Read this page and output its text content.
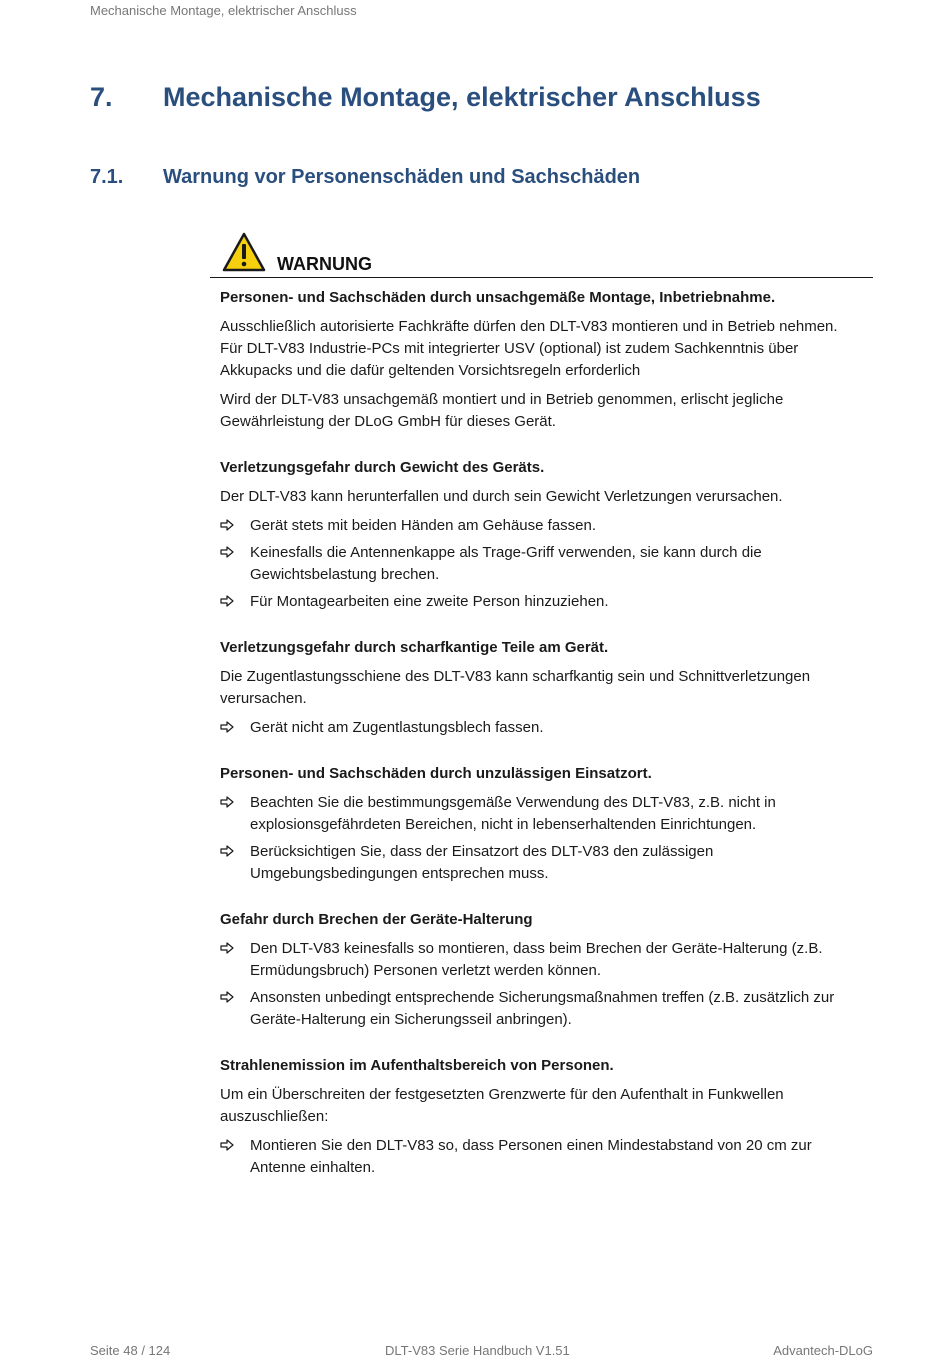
Mechanische Montage, elektrischer Anschluss
7.	Mechanische Montage, elektrischer Anschluss
7.1.	Warnung vor Personenschäden und Sachschäden
WARNUNG

Personen- und Sachschäden durch unsachgemäße Montage, Inbetriebnahme.

Ausschließlich autorisierte Fachkräfte dürfen den DLT-V83 montieren und in Betrieb nehmen. Für DLT-V83 Industrie-PCs mit integrierter USV (optional) ist zudem Sachkenntnis über Akkupacks und die dafür geltenden Vorsichtsregeln erforderlich

Wird der DLT-V83 unsachgemäß montiert und in Betrieb genommen, erlischt jegliche Gewährleistung der DLoG GmbH für dieses Gerät.

Verletzungsgefahr durch Gewicht des Geräts.

Der DLT-V83 kann herunterfallen und durch sein Gewicht Verletzungen verursachen.

Gerät stets mit beiden Händen am Gehäuse fassen.
Keinesfalls die Antennenkappe als Trage-Griff verwenden, sie kann durch die Gewichtsbelastung brechen.
Für Montagearbeiten eine zweite Person hinzuziehen.

Verletzungsgefahr durch scharfkantige Teile am Gerät.

Die Zugentlastungsschiene des DLT-V83 kann scharfkantig sein und Schnittverletzungen verursachen.

Gerät nicht am Zugentlastungsblech fassen.

Personen- und Sachschäden durch unzulässigen Einsatzort.

Beachten Sie die bestimmungsgemäße Verwendung des DLT-V83, z.B. nicht in explosionsgefährdeten Bereichen, nicht in lebenserhaltenden Einrichtungen.
Berücksichtigen Sie, dass der Einsatzort des DLT-V83 den zulässigen Umgebungsbedingungen entsprechen muss.

Gefahr durch Brechen der Geräte-Halterung

Den DLT-V83 keinesfalls so montieren, dass beim Brechen der Geräte-Halterung (z.B. Ermüdungsbruch) Personen verletzt werden können.
Ansonsten unbedingt entsprechende Sicherungsmaßnahmen treffen (z.B. zusätzlich zur Geräte-Halterung ein Sicherungsseil anbringen).

Strahlenemission im Aufenthaltsbereich von Personen.

Um ein Überschreiten der festgesetzten Grenzwerte für den Aufenthalt in Funkwellen auszuschließen:

Montieren Sie den DLT-V83 so, dass Personen einen Mindestabstand von 20 cm zur Antenne einhalten.
Seite 48 / 124	DLT-V83 Serie Handbuch V1.51	Advantech-DLoG
